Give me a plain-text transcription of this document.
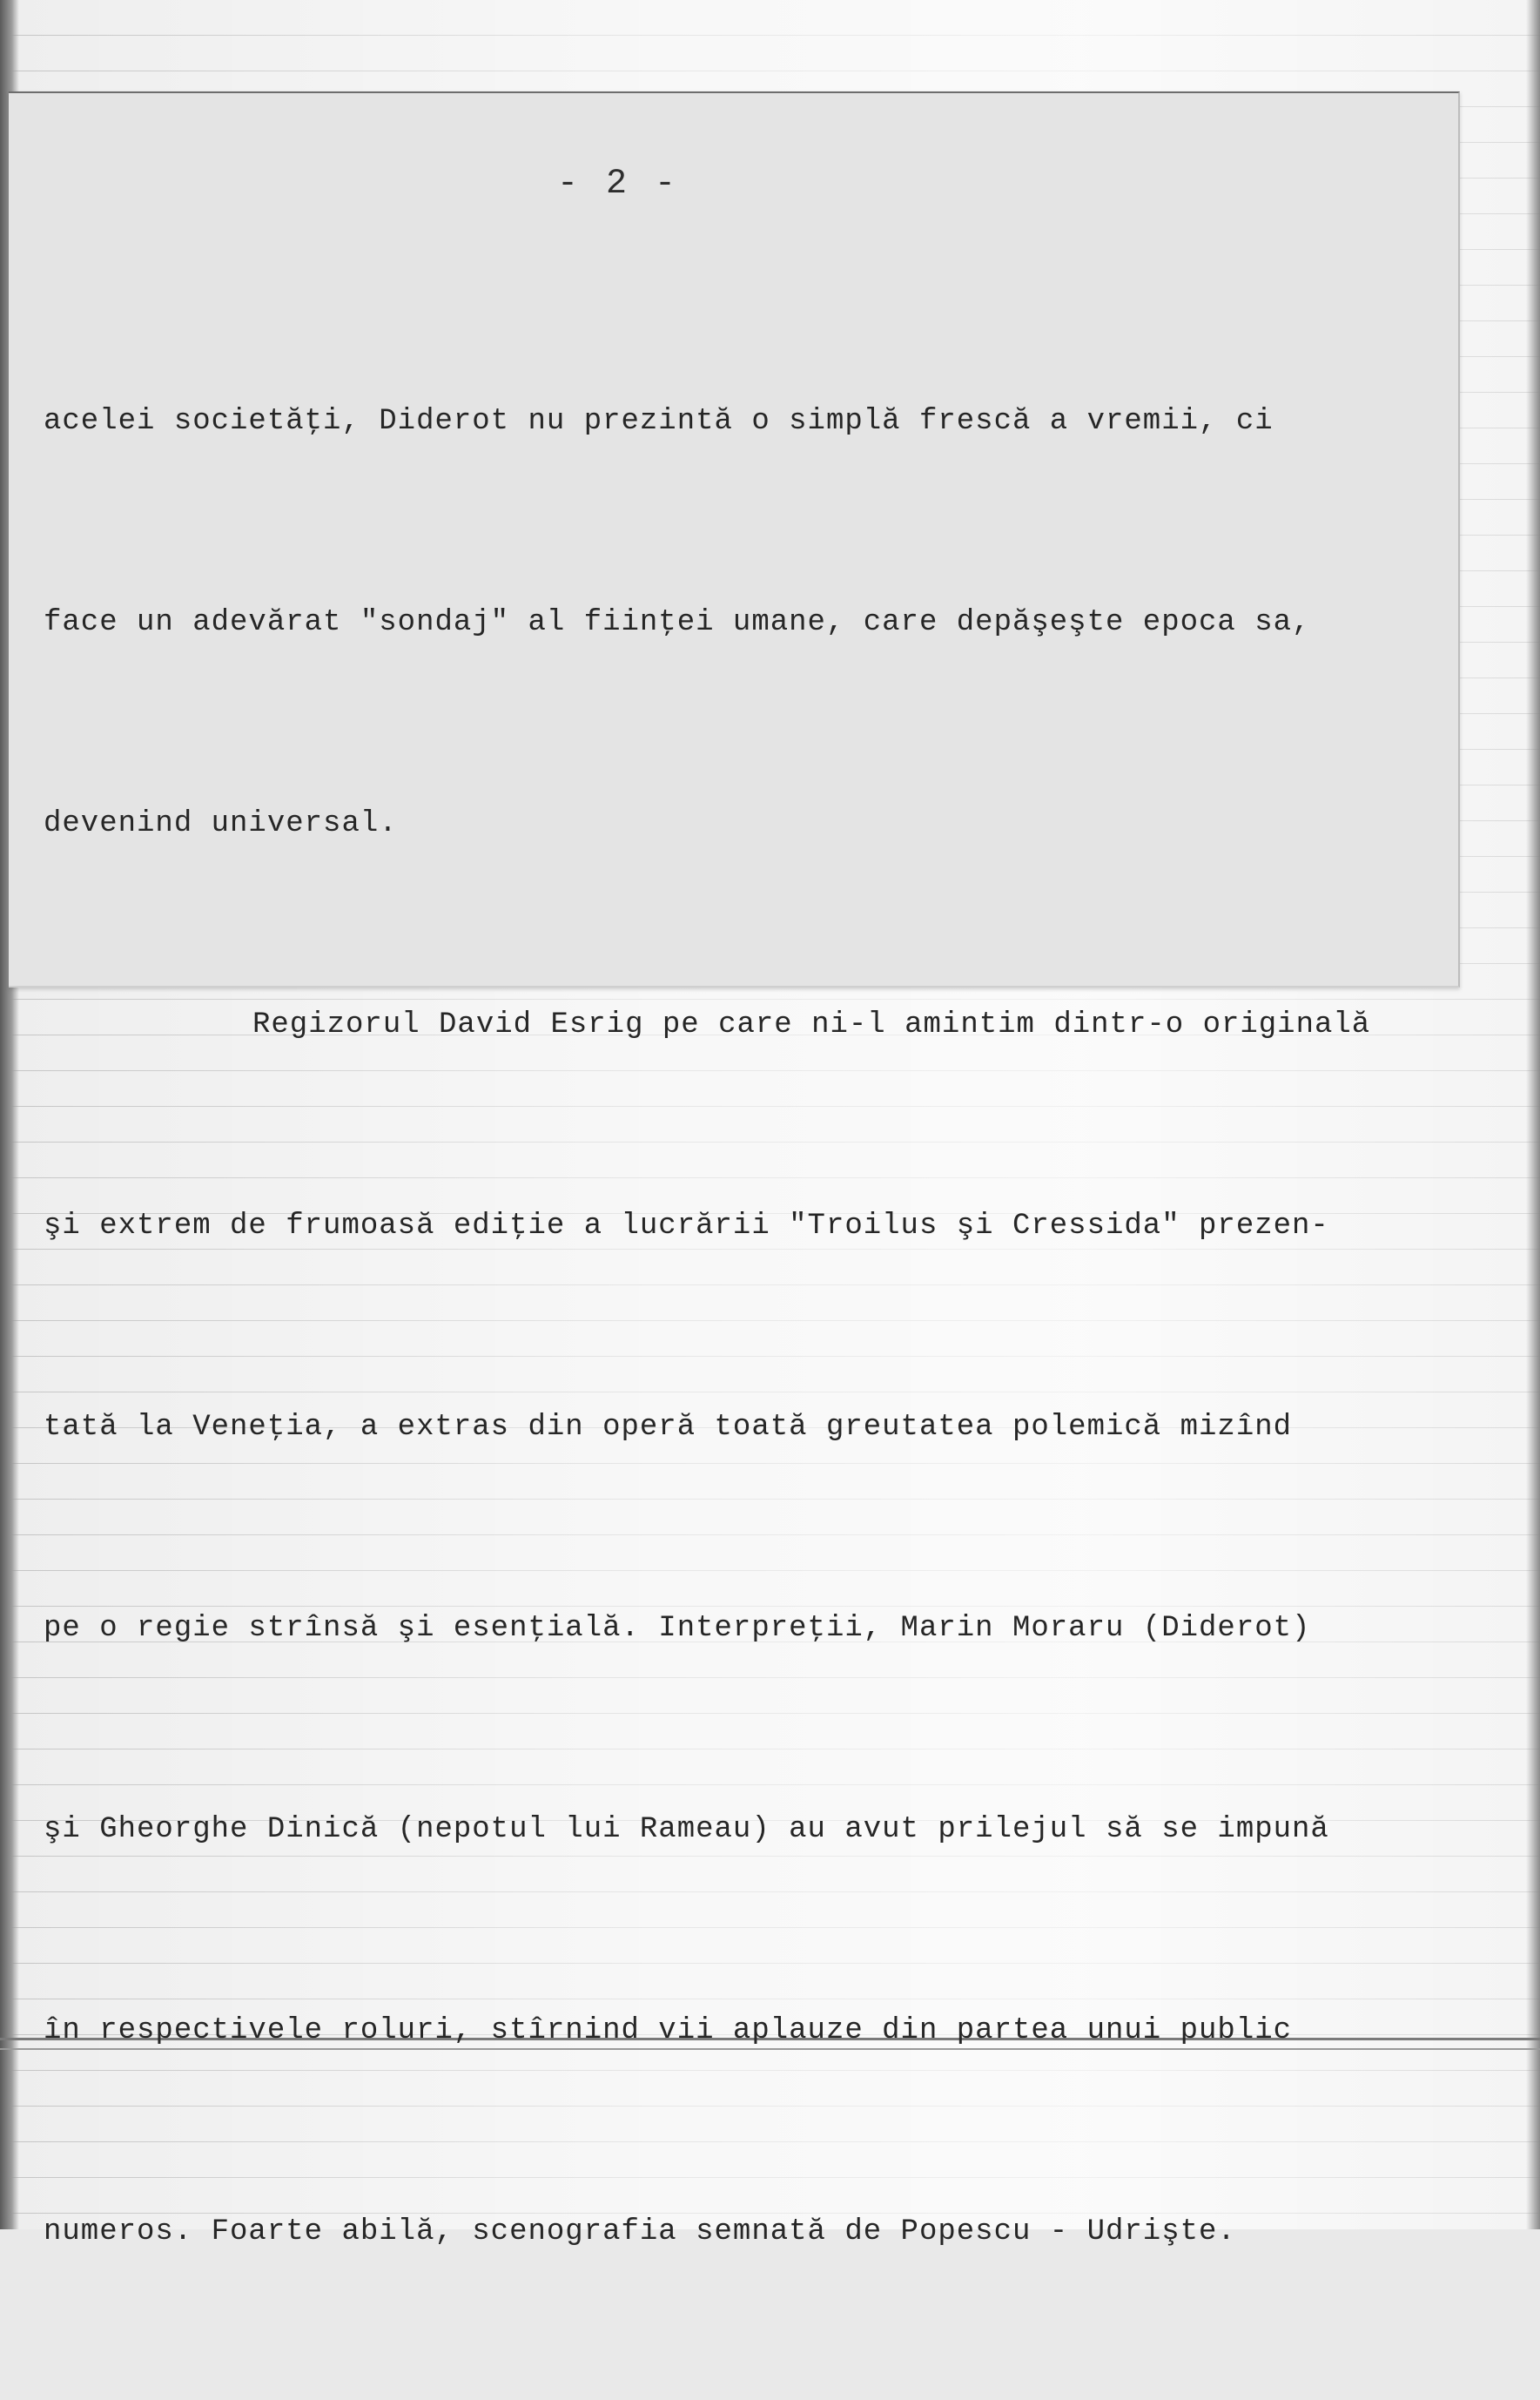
- 2 -

acelei societăţi, Diderot nu prezintă o simplă frescă a vremii, ci

face un adevărat "sondaj" al fiinţei umane, care depăşeşte epoca sa,

devenind universal.

Regizorul David Esrig pe care ni-l amintim dintr-o originală

şi extrem de frumoasă ediţie a lucrării "Troilus şi Cressida" prezen-

tată la Veneţia, a extras din operă toată greutatea polemică mizînd

pe o regie strînsă şi esenţială. Interpreţii, Marin Moraru (Diderot)

şi Gheorghe Dinică (nepotul lui Rameau) au avut prilejul să se impună

în respectivele roluri, stîrnind vii aplauze din partea unui public

numeros. Foarte abilă, scenografia semnată de Popescu - Udrişte.
